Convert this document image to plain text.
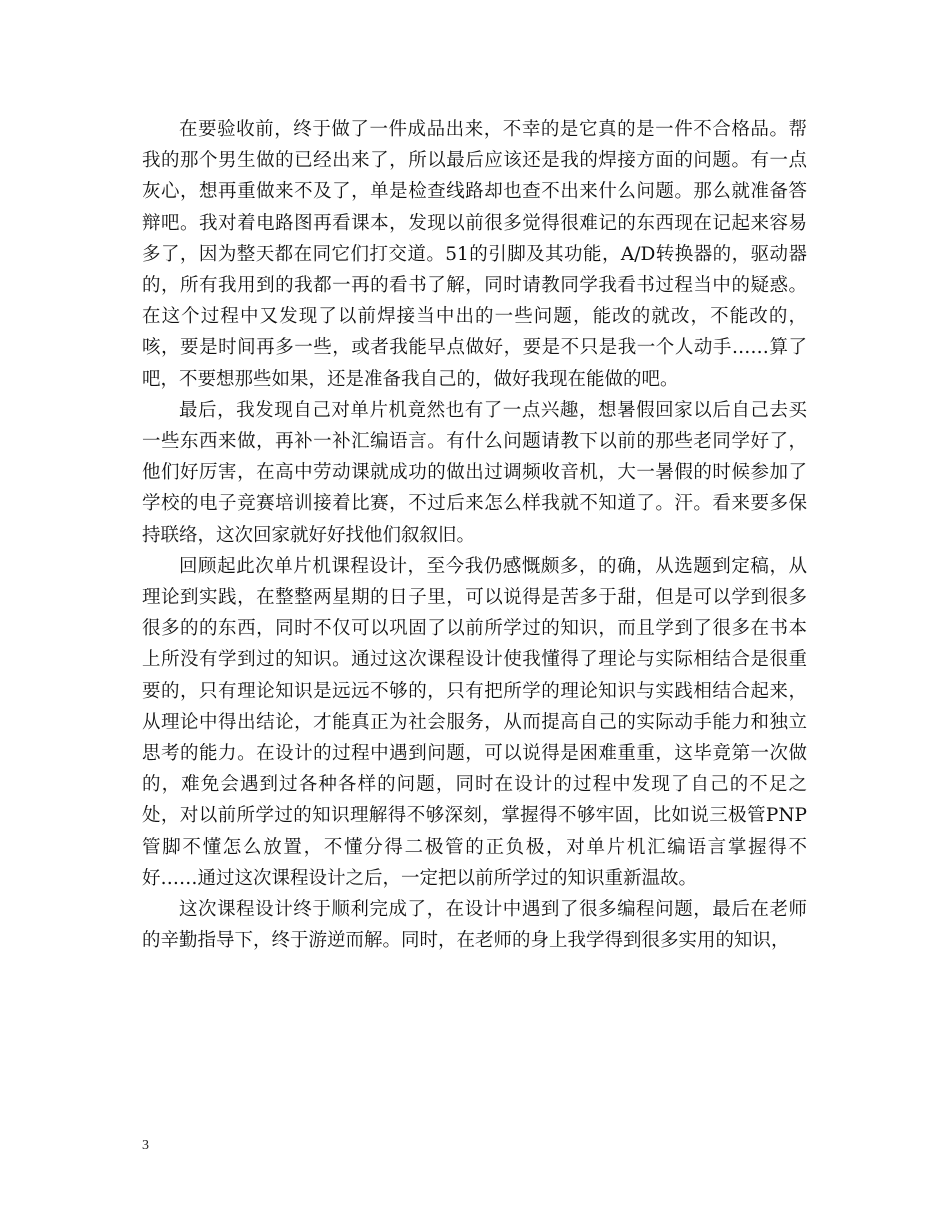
在要验收前，终于做了一件成品出来，不幸的是它真的是一件不合格品。帮我的那个男生做的已经出来了，所以最后应该还是我的焊接方面的问题。有一点灰心，想再重做来不及了，单是检查线路却也查不出来什么问题。那么就准备答辩吧。我对着电路图再看课本，发现以前很多觉得很难记的东西现在记起来容易多了，因为整天都在同它们打交道。51的引脚及其功能，A/D转换器的，驱动器的，所有我用到的我都一再的看书了解，同时请教同学我看书过程当中的疑惑。在这个过程中又发现了以前焊接当中出的一些问题，能改的就改，不能改的，咳，要是时间再多一些，或者我能早点做好，要是不只是我一个人动手……算了吧，不要想那些如果，还是准备我自己的，做好我现在能做的吧。

最后，我发现自己对单片机竟然也有了一点兴趣，想暑假回家以后自己去买一些东西来做，再补一补汇编语言。有什么问题请教下以前的那些老同学好了，他们好厉害，在高中劳动课就成功的做出过调频收音机，大一暑假的时候参加了学校的电子竞赛培训接着比赛，不过后来怎么样我就不知道了。汗。看来要多保持联络，这次回家就好好找他们叙叙旧。

回顾起此次单片机课程设计，至今我仍感慨颇多，的确，从选题到定稿，从理论到实践，在整整两星期的日子里，可以说得是苦多于甜，但是可以学到很多很多的的东西，同时不仅可以巩固了以前所学过的知识，而且学到了很多在书本上所没有学到过的知识。通过这次课程设计使我懂得了理论与实际相结合是很重要的，只有理论知识是远远不够的，只有把所学的理论知识与实践相结合起来，从理论中得出结论，才能真正为社会服务，从而提高自己的实际动手能力和独立思考的能力。在设计的过程中遇到问题，可以说得是困难重重，这毕竟第一次做的，难免会遇到过各种各样的问题，同时在设计的过程中发现了自己的不足之处，对以前所学过的知识理解得不够深刻，掌握得不够牢固，比如说三极管PNP管脚不懂怎么放置，不懂分得二极管的正负极，对单片机汇编语言掌握得不好……通过这次课程设计之后，一定把以前所学过的知识重新温故。

这次课程设计终于顺利完成了，在设计中遇到了很多编程问题，最后在老师的辛勤指导下，终于游逆而解。同时，在老师的身上我学得到很多实用的知识，

3
